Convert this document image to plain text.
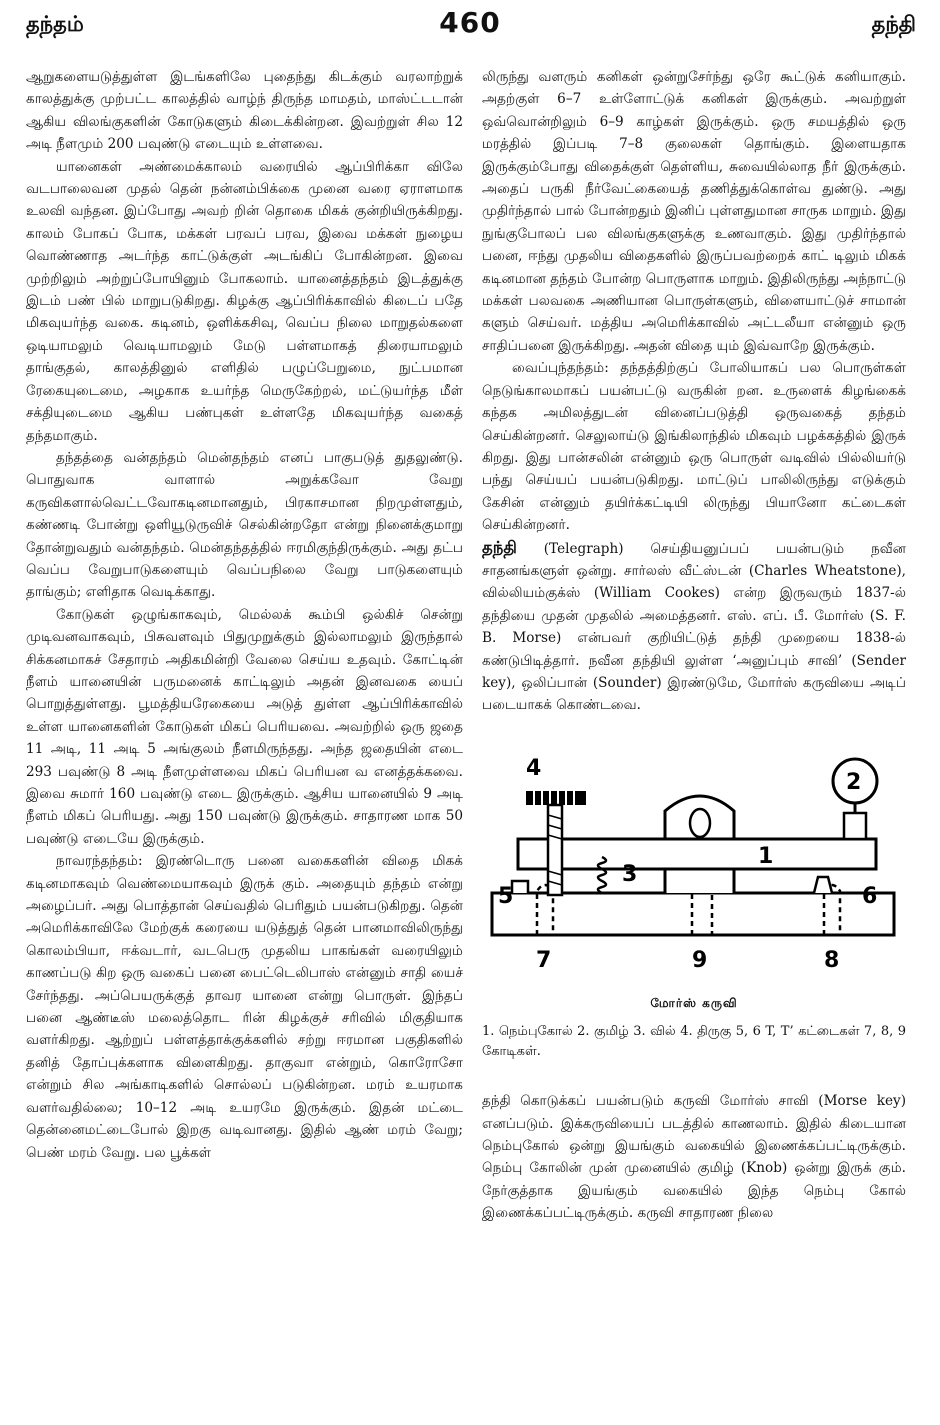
தந்தம்	460	தந்தி

ஆறுகளையடுத்துள்ள இடங்களிலே புதைந்து கிடக்கும் வரலாற்றுக் காலத்துக்கு முற்பட்ட காலத்தில் வாழ்ந் திருந்த மாமதம், மாஸ்ட்டடான் ஆகிய விலங்குகளின் கோடுகளும் கிடைக்கின்றன. இவற்றுள் சில 12 அடி நீளமும் 200 பவுண்டு எடையும் உள்ளவை.

யானைகள் அண்மைக்காலம் வரையில் ஆப்பிரிக்கா விலே வடபாலைவன முதல் தென் நன்னம்பிக்கை முனை வரை ஏராளமாக உலவி வந்தன. இப்போது அவற் றின் தொகை மிகக் குன்றியிருக்கிறது. காலம் போகப் போக, மக்கள் பரவப் பரவ, இவை மக்கள் நுழைய வொண்ணாத அடர்ந்த காட்டுக்குள் அடங்கிப் போகின்றன. இவை முற்றிலும் அற்றுப்போயினும் போகலாம். யானைத்தந்தம் இடத்துக்கு இடம் பண் பில் மாறுபடுகிறது. கிழக்கு ஆப்பிரிக்காவில் கிடைப் பதே மிகவுயர்ந்த வகை. கடினம், ஒளிக்கசிவு, வெப்ப நிலை மாறுதல்களை ஒடியாமலும் வெடியாமலும் மேடு பள்ளமாகத் திரையாமலும் தாங்குதல், காலத்தினுல் எளிதில் பழுப்பேறுமை, நுட்பமான ரேகையுடைமை, அழகாக உயர்ந்த மெருகேற்றல், மட்டுயர்ந்த மீள் சக்தியுடைமை ஆகிய பண்புகள் உள்ளதே மிகவுயர்ந்த வகைத் தந்தமாகும்.

தந்தத்தை வன்தந்தம் மென்தந்தம் எனப் பாகுபடுத் துதலுண்டு. பொதுவாக வாளால் அறுக்கவோ வேறு கருவிகளால்வெட்டவோகடினமானதும், பிரகாசமான நிறமுள்ளதும், கண்ணடி போன்று ஒளியூடுருவிச் செல்கின்றதோ என்று நினைக்குமாறு தோன்றுவதும் வன்தந்தம். மென்தந்தத்தில் ஈரமிகுந்திருக்கும். அது தட்ப வெப்ப வேறுபாடுகளையும் வெப்பநிலை வேறு பாடுகளையும் தாங்கும்; எளிதாக வெடிக்காது.

கோடுகள் ஒழுங்காகவும், மெல்லக் கூம்பி ஒல்கிச் சென்று முடிவனவாகவும், பிசுவளவும் பிதுமுறுக்கும் இல்லாமலும் இருந்தால் சிக்கனமாகச் சேதாரம் அதிகமின்றி வேலை செய்ய உதவும். கோட்டின் நீளம் யானையின் பருமனைக் காட்டிலும் அதன் இனவகை யைப் பொறுத்துள்ளது. பூமத்தியரேகையை அடுத் துள்ள ஆப்பிரிக்காவில் உள்ள யானைகளின் கோடுகள் மிகப் பெரியவை. அவற்றில் ஒரு ஜதை 11 அடி, 11 அடி 5 அங்குலம் நீளமிருந்தது. அந்த ஜதையின் எடை 293 பவுண்டு 8 அடி நீளமுள்ளவை மிகப் பெரியன வ எனத்தக்கவை. இவை சுமார் 160 பவுண்டு எடை இருக்கும். ஆசிய யானையில் 9 அடி நீளம் மிகப் பெரியது. அது 150 பவுண்டு இருக்கும். சாதாரண மாக 50 பவுண்டு எடையே இருக்கும்.

நாவரந்தந்தம்: இரண்டொரு பனை வகைகளின் விதை மிகக் கடினமாகவும் வெண்மையாகவும் இருக் கும். அதையும் தந்தம் என்று அழைப்பர். அது பொத்தான் செய்வதில் பெரிதும் பயன்படுகிறது. தென் அமெரிக்காவிலே மேற்குக் கரையை யடுத்துத் தென் பானமாவிலிருந்து கொலம்பியா, ஈக்வடார், வடபெரு முதலிய பாகங்கள் வரையிலும் காணப்படு கிற ஒரு வகைப் பனை பைட்டெலிபாஸ் என்னும் சாதி யைச் சேர்ந்தது. அப்பெயருக்குத் தாவர யானை என்று பொருள். இந்தப் பனை ஆண்டீஸ் மலைத்தொட ரின் கிழக்குச் சரிவில் மிகுதியாக வளர்கிறது. ஆற்றுப் பள்ளத்தாக்குக்களில் சற்று ஈரமான பகுதிகளில் தனித் தோப்புக்களாக விளைகிறது. தாகுவா என்றும், கொரோசோ என்றும் சில அங்காடிகளில் சொல்லப் படுகின்றன. மரம் உயரமாக வளர்வதில்லை; 10–12 அடி உயரமே இருக்கும். இதன் மட்டை தென்னைமட்டைபோல் இறகு வடிவானது. இதில் ஆண் மரம் வேறு; பெண் மரம் வேறு. பல பூக்கள்

லிருந்து வளரும் கனிகள் ஒன்றுசேர்ந்து ஒரே கூட்டுக் கனியாகும். அதற்குள் 6–7 உள்ளோட்டுக் கனிகள் இருக்கும். அவற்றுள் ஒவ்வொன்றிலும் 6–9 காழ்கள் இருக்கும். ஒரு சமயத்தில் ஒரு மரத்தில் இப்படி 7–8 குலைகள் தொங்கும். இளையதாக இருக்கும்போது விதைக்குள் தெள்ளிய, சுவையில்லாத நீர் இருக்கும். அதைப் பருகி நீர்வேட்கையைத் தணித்துக்கொள்வ துண்டு. அது முதிர்ந்தால் பால் போன்றதும் இனிப் புள்ளதுமான சாருக மாறும். இது நுங்குபோலப் பல விலங்குகளுக்கு உணவாகும். இது முதிர்ந்தால் பனை, ஈந்து முதலிய விதைகளில் இருப்பவற்றைக் காட் டிலும் மிகக் கடினமான தந்தம் போன்ற பொருளாக மாறும். இதிலிருந்து அந்நாட்டு மக்கள் பலவகை அணியான பொருள்களும், விளையாட்டுச் சாமான் களும் செய்வர். மத்திய அமெரிக்காவில் அட்டலீயா என்னும் ஒரு சாதிப்பனை இருக்கிறது. அதன் விதை யும் இவ்வாறே இருக்கும்.

வைப்புந்தந்தம்: தந்தத்திற்குப் போலியாகப் பல பொருள்கள் நெடுங்காலமாகப் பயன்பட்டு வருகின் றன. உருளைக் கிழங்கைக் கந்தக அமிலத்துடன் வினைப்படுத்தி ஒருவகைத் தந்தம் செய்கின்றனர். செலுலாய்டு இங்கிலாந்தில் மிகவும் பழக்கத்தில் இருக் கிறது. இது பான்சலின் என்னும் ஒரு பொருள் வடிவில் பில்லியர்டு பந்து செய்யப் பயன்படுகிறது. மாட்டுப் பாலிலிருந்து எடுக்கும் கேசின் என்னும் தயிர்க்கட்டியி லிருந்து பியானோ கட்டைகள் செய்கின்றனர்.

தந்தி (Telegraph) செய்தியனுப்பப் பயன்படும் நவீன சாதனங்களுள் ஒன்று. சார்லஸ் வீட்ஸ்டன் (Charles Wheatstone), வில்லியம்குக்ஸ் (William Cookes) என்ற இருவரும் 1837-ல் தந்தியை முதன் முதலில் அமைத்தனர். எஸ். எப். பீ. மோர்ஸ் (S. F. B. Morse) என்பவர் குறியிட்டுத் தந்தி முறையை 1838-ல் கண்டுபிடித்தார். நவீன தந்தியி லுள்ள ‘அனுப்பும் சாவி’ (Sender key), ஒலிப்பான் (Sounder) இரண்டுமே, மோர்ஸ் கருவியை அடிப் படையாகக் கொண்டவை.

4
2
1
3
5	6
7	9	8
மோர்ஸ் கருவி
1. நெம்புகோல் 2. குமிழ் 3. வில் 4. திருகு 5, 6 T, T’ கட்டைகள் 7, 8, 9 கோடிகள்.

தந்தி கொடுக்கப் பயன்படும் கருவி மோர்ஸ் சாவி (Morse key) எனப்படும். இக்கருவியைப் படத்தில் காணலாம். இதில் கிடையான நெம்புகோல் ஒன்று இயங்கும் வகையில் இணைக்கப்பட்டிருக்கும். நெம்பு கோலின் முன் முனையில் குமிழ் (Knob) ஒன்று இருக் கும். நேர்குத்தாக இயங்கும் வகையில் இந்த நெம்பு கோல் இணைக்கப்பட்டிருக்கும். கருவி சாதாரண நிலை
